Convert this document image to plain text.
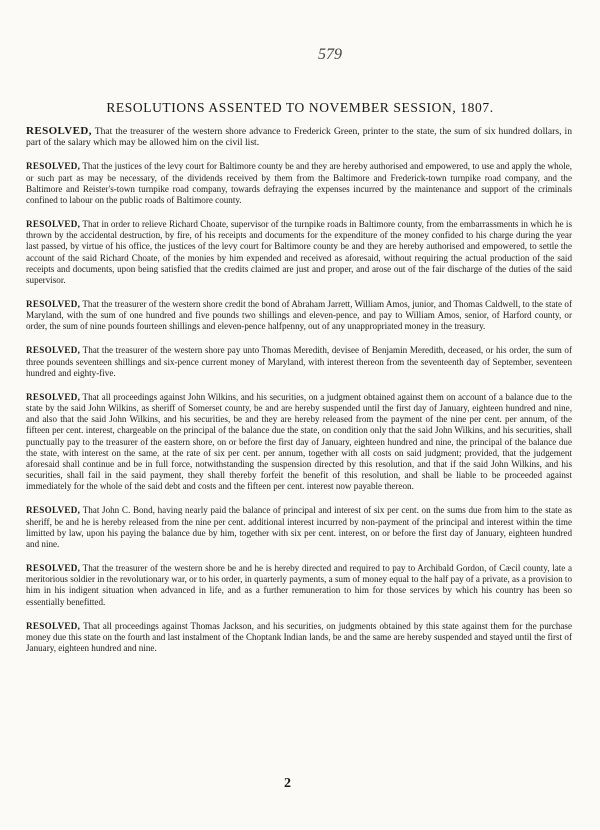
579
RESOLUTIONS ASSENTED TO NOVEMBER SESSION, 1807.

RESOLVED, That the treasurer of the western shore advance to Frederick Green, printer to the state, the sum of six hundred dollars, in part of the salary which may be allowed him on the civil list.

RESOLVED, That the justices of the levy court for Baltimore county be and they are hereby authorised and empowered, to use and apply the whole, or such part as may be necessary, of the dividends received by them from the Baltimore and Frederick-town turnpike road company, and the Baltimore and Reister's-town turnpike road company, towards defraying the expenses incurred by the maintenance and support of the criminals confined to labour on the public roads of Baltimore county.

RESOLVED, That in order to relieve Richard Choate, supervisor of the turnpike roads in Baltimore county, from the embarrassments in which he is thrown by the accidental destruction, by fire, of his receipts and documents for the expenditure of the money confided to his charge during the year last passed, by virtue of his office, the justices of the levy court for Baltimore county be and they are hereby authorised and empowered, to settle the account of the said Richard Choate, of the monies by him expended and received as aforesaid, without requiring the actual production of the said receipts and documents, upon being satisfied that the credits claimed are just and proper, and arose out of the fair discharge of the duties of the said supervisor.

RESOLVED, That the treasurer of the western shore credit the bond of Abraham Jarrett, William Amos, junior, and Thomas Caldwell, to the state of Maryland, with the sum of one hundred and five pounds two shillings and eleven-pence, and pay to William Amos, senior, of Harford county, or order, the sum of nine pounds fourteen shillings and eleven-pence halfpenny, out of any unappropriated money in the treasury.

RESOLVED, That the treasurer of the western shore pay unto Thomas Meredith, devisee of Benjamin Meredith, deceased, or his order, the sum of three pounds seventeen shillings and six-pence current money of Maryland, with interest thereon from the seventeenth day of September, seventeen hundred and eighty-five.

RESOLVED, That all proceedings against John Wilkins, and his securities, on a judgment obtained against them on account of a balance due to the state by the said John Wilkins, as sheriff of Somerset county, be and are hereby suspended until the first day of January, eighteen hundred and nine, and also that the said John Wilkins, and his securities, be and they are hereby released from the payment of the nine per cent. per annum, of the fifteen per cent. interest, chargeable on the principal of the balance due the state, on condition only that the said John Wilkins, and his securities, shall punctually pay to the treasurer of the eastern shore, on or before the first day of January, eighteen hundred and nine, the principal of the balance due the state, with interest on the same, at the rate of six per cent. per annum, together with all costs on said judgment; provided, that the judgement aforesaid shall continue and be in full force, notwithstanding the suspension directed by this resolution, and that if the said John Wilkins, and his securities, shall fail in the said payment, they shall thereby forfeit the benefit of this resolution, and shall be liable to be proceeded against immediately for the whole of the said debt and costs and the fifteen per cent. interest now payable thereon.

RESOLVED, That John C. Bond, having nearly paid the balance of principal and interest of six per cent. on the sums due from him to the state as sheriff, be and he is hereby released from the nine per cent. additional interest incurred by non-payment of the principal and interest within the time limitted by law, upon his paying the balance due by him, together with six per cent. interest, on or before the first day of January, eighteen hundred and nine.

RESOLVED, That the treasurer of the western shore be and he is hereby directed and required to pay to Archibald Gordon, of Cæcil county, late a meritorious soldier in the revolutionary war, or to his order, in quarterly payments, a sum of money equal to the half pay of a private, as a provision to him in his indigent situation when advanced in life, and as a further remuneration to him for those services by which his country has been so essentially benefitted.

RESOLVED, That all proceedings against Thomas Jackson, and his securities, on judgments obtained by this state against them for the purchase money due this state on the fourth and last instalment of the Choptank Indian lands, be and the same are hereby suspended and stayed until the first of January, eighteen hundred and nine.

2
